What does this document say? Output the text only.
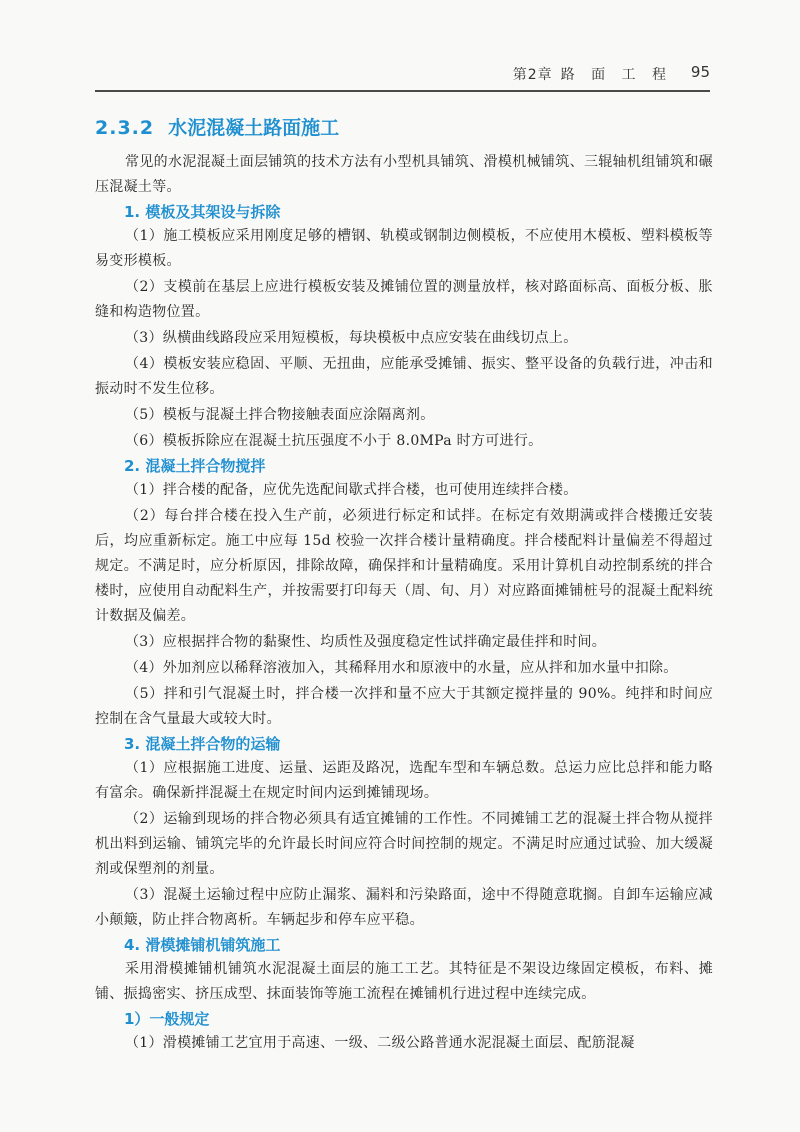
第2章 路 面 工 程 95
2.3.2 水泥混凝土路面施工
常见的水泥混凝土面层铺筑的技术方法有小型机具铺筑、滑模机械铺筑、三辊轴机组铺筑和碾压混凝土等。
1. 模板及其架设与拆除
（1）施工模板应采用刚度足够的槽钢、轨模或钢制边侧模板，不应使用木模板、塑料模板等易变形模板。
（2）支模前在基层上应进行模板安装及摊铺位置的测量放样，核对路面标高、面板分板、胀缝和构造物位置。
（3）纵横曲线路段应采用短模板，每块模板中点应安装在曲线切点上。
（4）模板安装应稳固、平顺、无扭曲，应能承受摊铺、振实、整平设备的负载行进，冲击和振动时不发生位移。
（5）模板与混凝土拌合物接触表面应涂隔离剂。
（6）模板拆除应在混凝土抗压强度不小于 8.0MPa 时方可进行。
2. 混凝土拌合物搅拌
（1）拌合楼的配备，应优先选配间歇式拌合楼，也可使用连续拌合楼。
（2）每台拌合楼在投入生产前，必须进行标定和试拌。在标定有效期满或拌合楼搬迁安装后，均应重新标定。施工中应每 15d 校验一次拌合楼计量精确度。拌合楼配料计量偏差不得超过规定。不满足时，应分析原因，排除故障，确保拌和计量精确度。采用计算机自动控制系统的拌合楼时，应使用自动配料生产，并按需要打印每天（周、旬、月）对应路面摊铺桩号的混凝土配料统计数据及偏差。
（3）应根据拌合物的黏聚性、均质性及强度稳定性试拌确定最佳拌和时间。
（4）外加剂应以稀释溶液加入，其稀释用水和原液中的水量，应从拌和加水量中扣除。
（5）拌和引气混凝土时，拌合楼一次拌和量不应大于其额定搅拌量的 90%。纯拌和时间应控制在含气量最大或较大时。
3. 混凝土拌合物的运输
（1）应根据施工进度、运量、运距及路况，选配车型和车辆总数。总运力应比总拌和能力略有富余。确保新拌混凝土在规定时间内运到摊铺现场。
（2）运输到现场的拌合物必须具有适宜摊铺的工作性。不同摊铺工艺的混凝土拌合物从搅拌机出料到运输、铺筑完毕的允许最长时间应符合时间控制的规定。不满足时应通过试验、加大缓凝剂或保塑剂的剂量。
（3）混凝土运输过程中应防止漏浆、漏料和污染路面，途中不得随意耽搁。自卸车运输应减小颠簸，防止拌合物离析。车辆起步和停车应平稳。
4. 滑模摊铺机铺筑施工
采用滑模摊铺机铺筑水泥混凝土面层的施工工艺。其特征是不架设边缘固定模板，布料、摊铺、振捣密实、挤压成型、抹面装饰等施工流程在摊铺机行进过程中连续完成。
1）一般规定
（1）滑模摊铺工艺宜用于高速、一级、二级公路普通水泥混凝土面层、配筋混凝
